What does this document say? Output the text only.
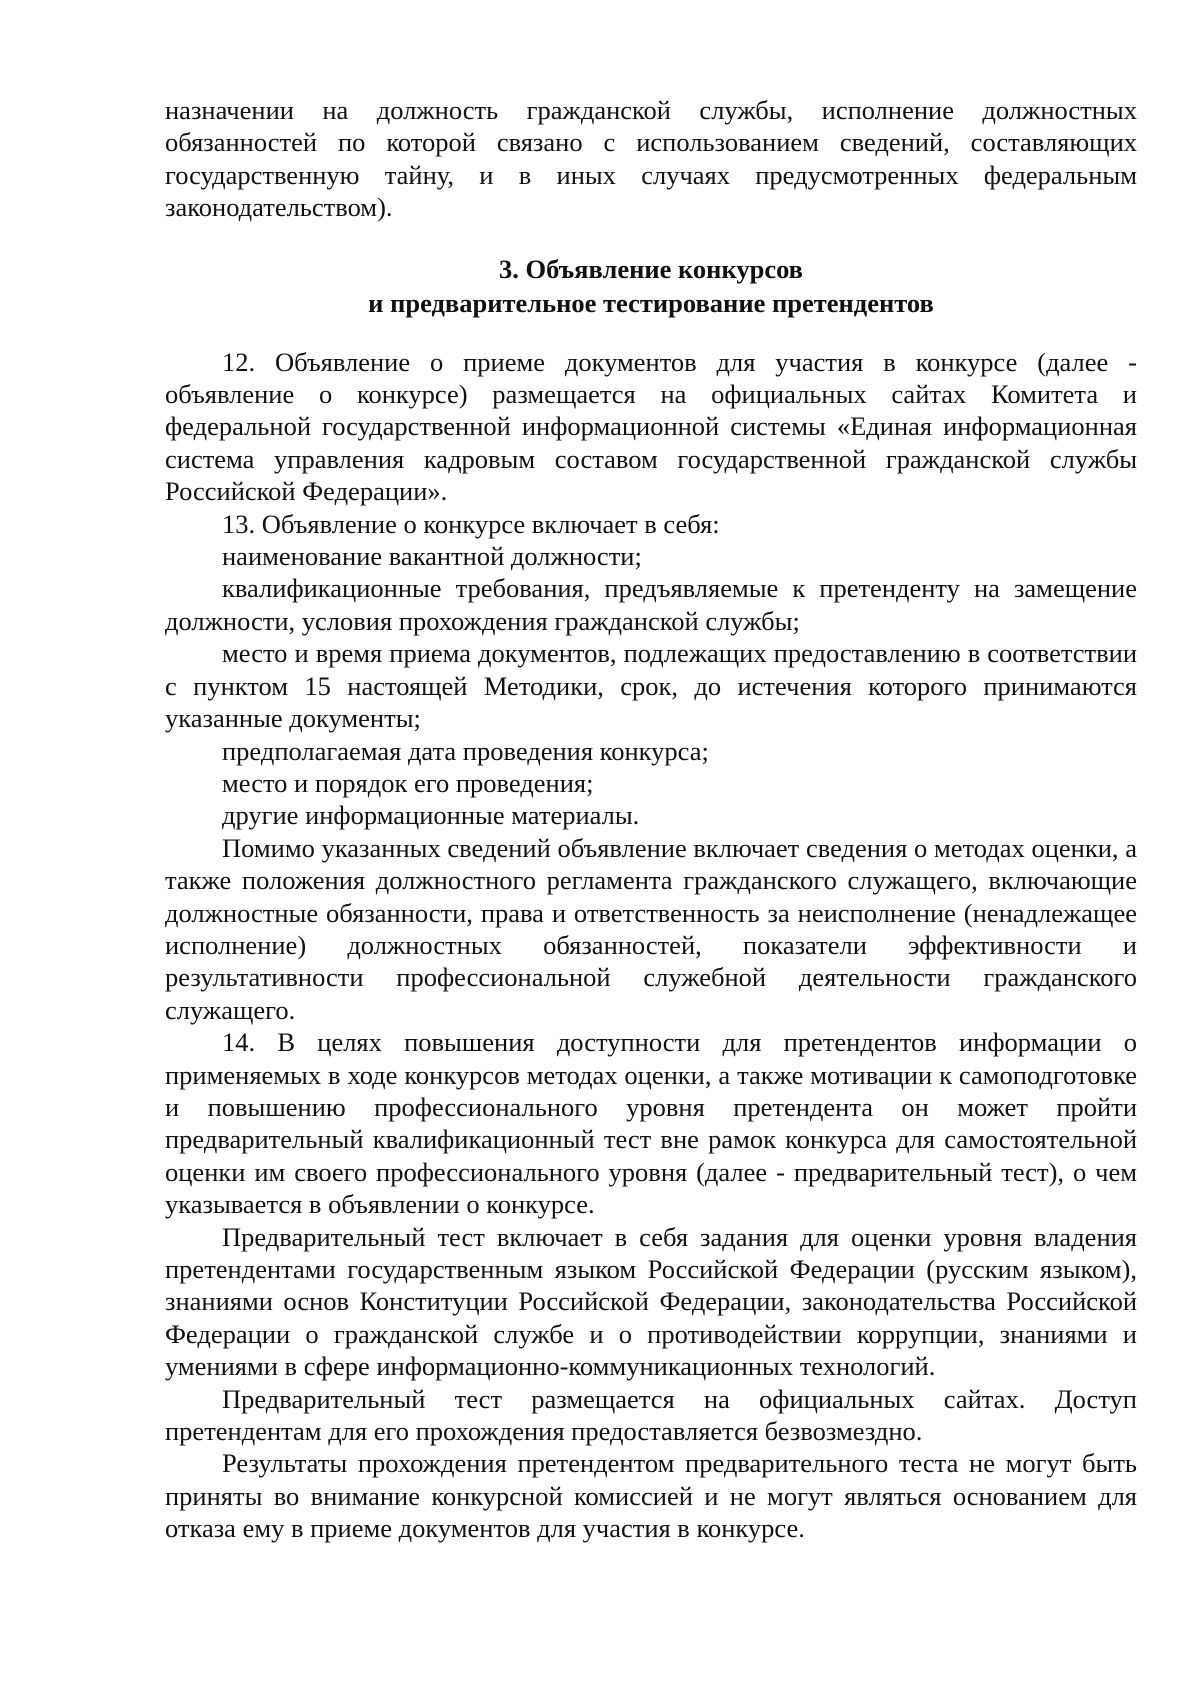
назначении на должность гражданской службы, исполнение должностных обязанностей по которой связано с использованием сведений, составляющих государственную тайну, и в иных случаях предусмотренных федеральным законодательством).

3. Объявление конкурсов
и предварительное тестирование претендентов

12. Объявление о приеме документов для участия в конкурсе (далее - объявление о конкурсе) размещается на официальных сайтах Комитета и федеральной государственной информационной системы «Единая информационная система управления кадровым составом государственной гражданской службы Российской Федерации».

13. Объявление о конкурсе включает в себя:

наименование вакантной должности;

квалификационные требования, предъявляемые к претенденту на замещение должности, условия прохождения гражданской службы;

место и время приема документов, подлежащих предоставлению в соответствии с пунктом 15 настоящей Методики, срок, до истечения которого принимаются указанные документы;

предполагаемая дата проведения конкурса;

место и порядок его проведения;

другие информационные материалы.

Помимо указанных сведений объявление включает сведения о методах оценки, а также положения должностного регламента гражданского служащего, включающие должностные обязанности, права и ответственность за неисполнение (ненадлежащее исполнение) должностных обязанностей, показатели эффективности и результативности профессиональной служебной деятельности гражданского служащего.

14. В целях повышения доступности для претендентов информации о применяемых в ходе конкурсов методах оценки, а также мотивации к самоподготовке и повышению профессионального уровня претендента он может пройти предварительный квалификационный тест вне рамок конкурса для самостоятельной оценки им своего профессионального уровня (далее - предварительный тест), о чем указывается в объявлении о конкурсе.

Предварительный тест включает в себя задания для оценки уровня владения претендентами государственным языком Российской Федерации (русским языком), знаниями основ Конституции Российской Федерации, законодательства Российской Федерации о гражданской службе и о противодействии коррупции, знаниями и умениями в сфере информационно-коммуникационных технологий.

Предварительный тест размещается на официальных сайтах. Доступ претендентам для его прохождения предоставляется безвозмездно.

Результаты прохождения претендентом предварительного теста не могут быть приняты во внимание конкурсной комиссией и не могут являться основанием для отказа ему в приеме документов для участия в конкурсе.
